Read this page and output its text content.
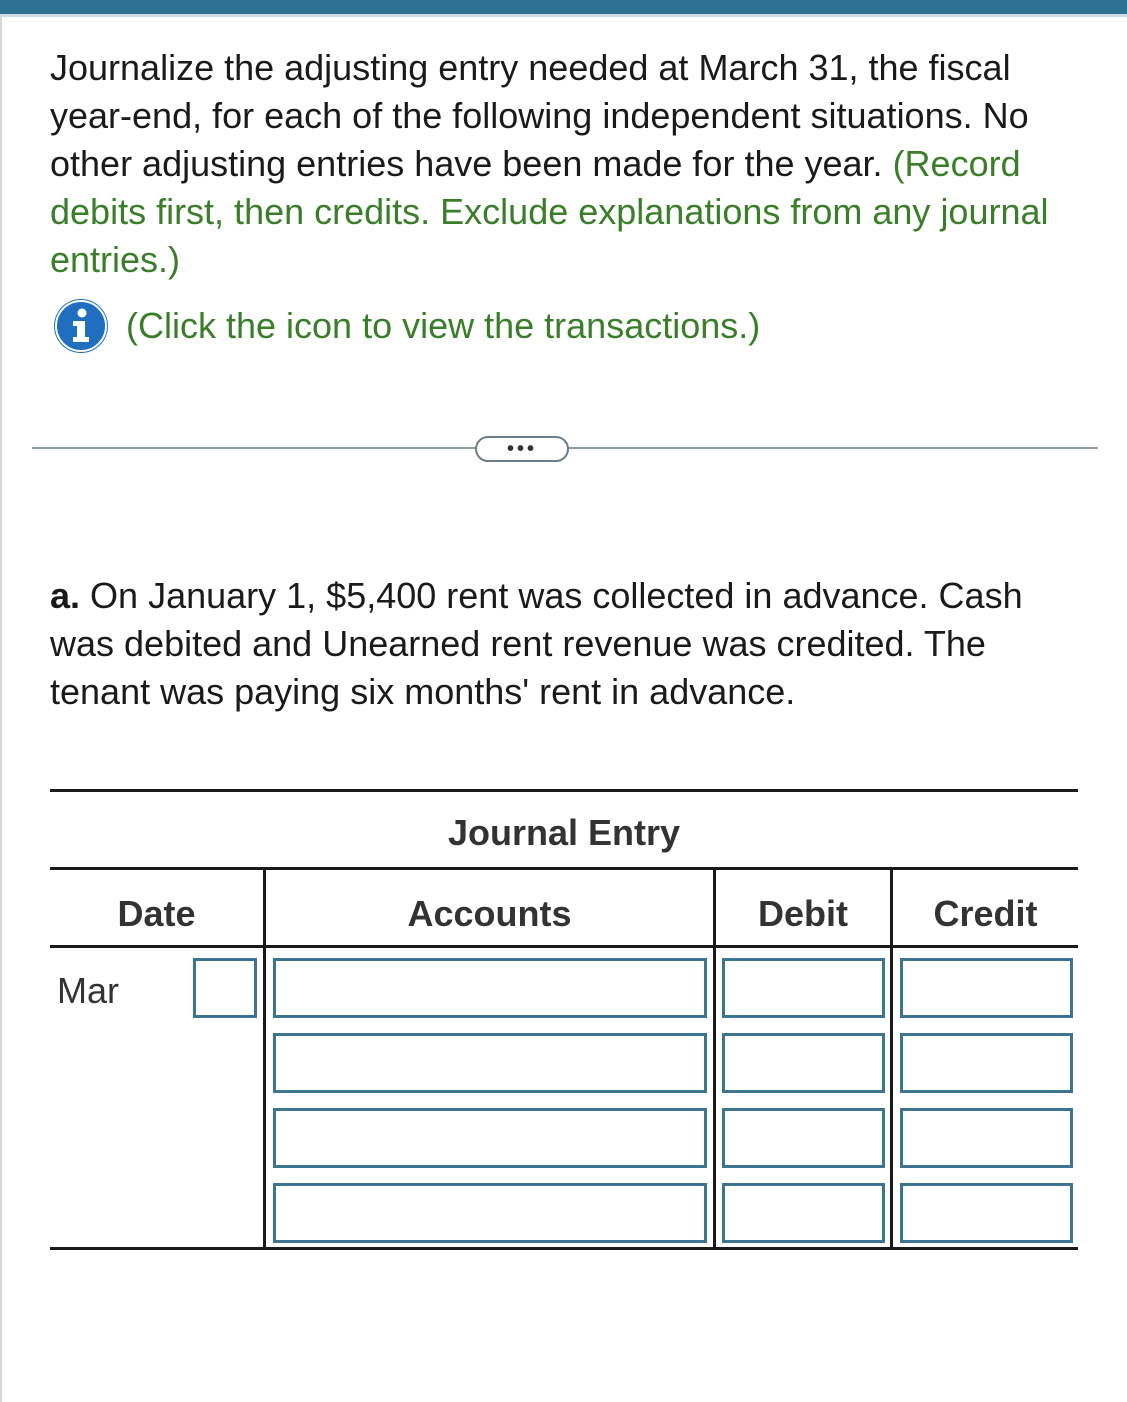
Journalize the adjusting entry needed at March 31, the fiscal year-end, for each of the following independent situations. No other adjusting entries have been made for the year. (Record debits first, then credits. Exclude explanations from any journal entries.)

(Click the icon to view the transactions.)
•••

a. On January 1, $5,400 rent was collected in advance. Cash was debited and Unearned rent revenue was credited. The tenant was paying six months' rent in advance.

Journal Entry
Date	Accounts	Debit	Credit
Mar
